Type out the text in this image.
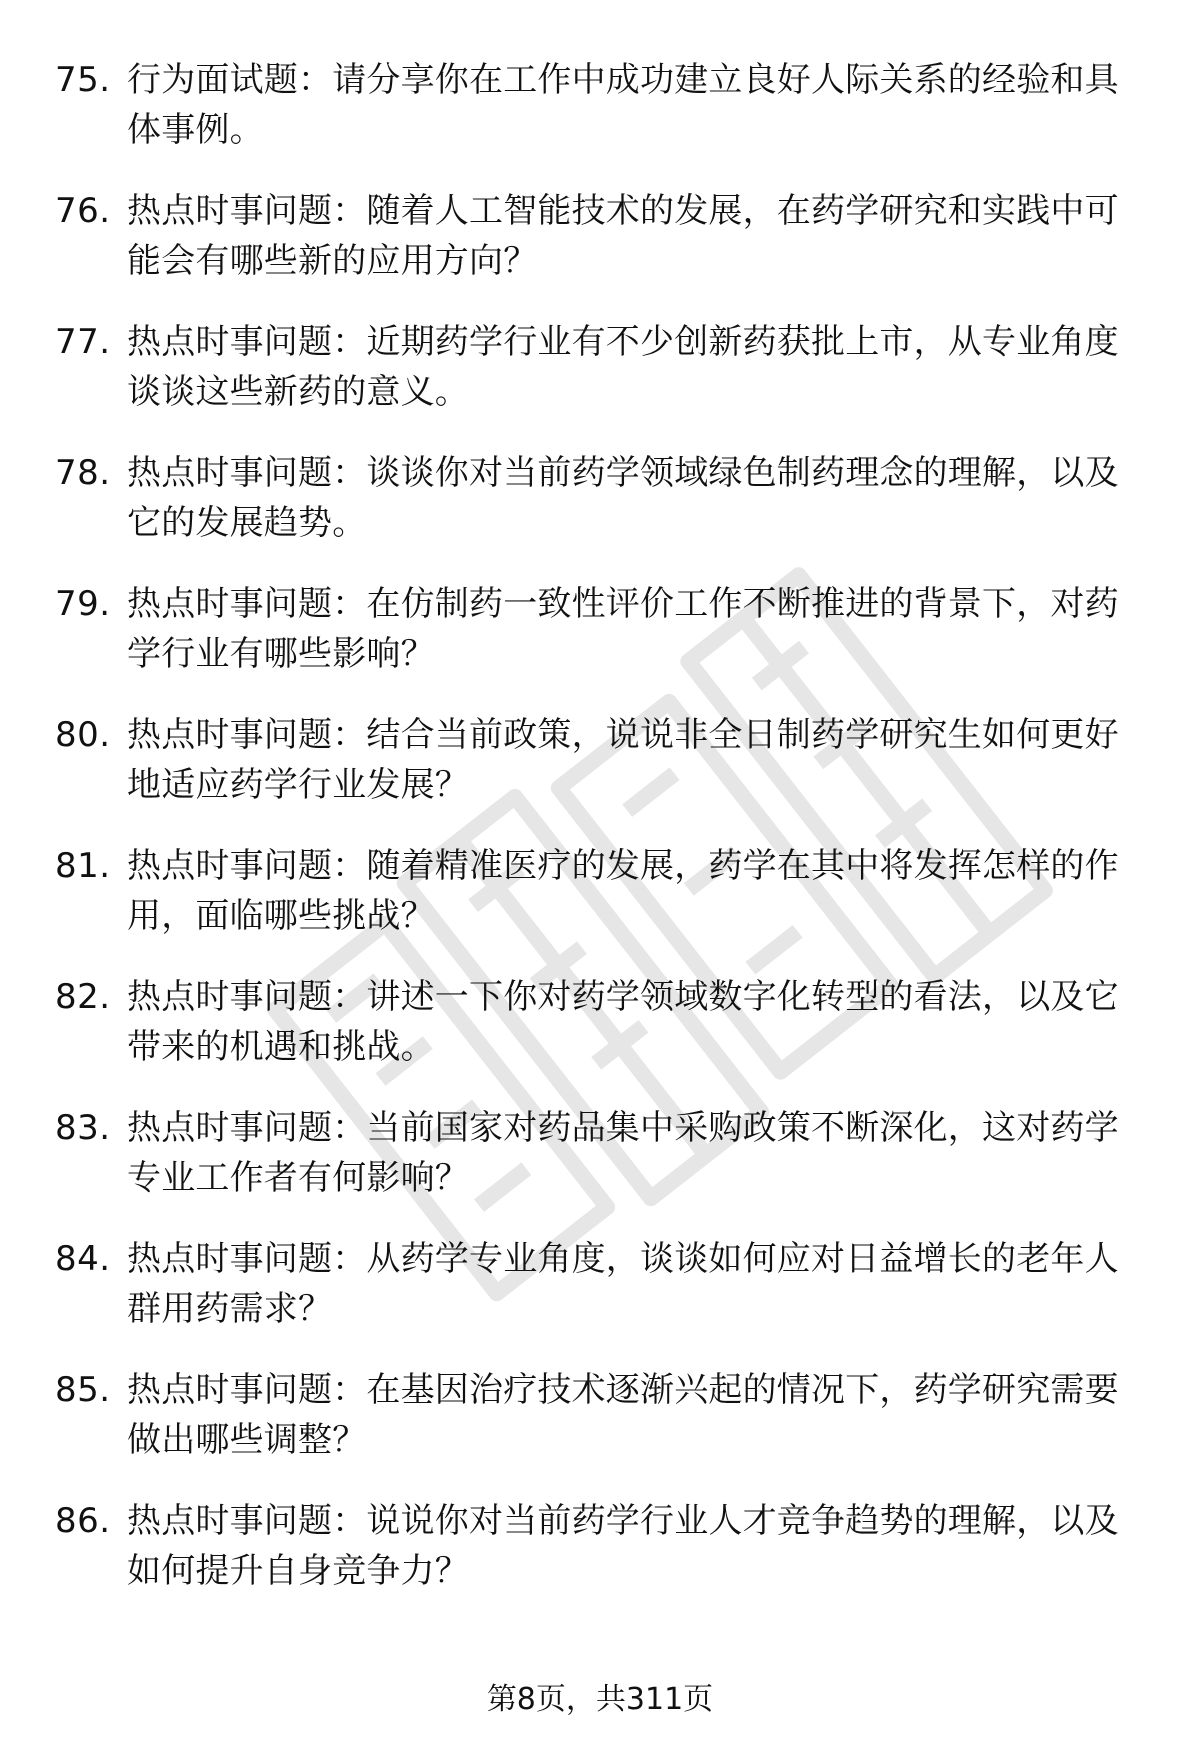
75. 行为面试题：请分享你在工作中成功建立良好人际关系的经验和具体事例。
76. 热点时事问题：随着人工智能技术的发展，在药学研究和实践中可能会有哪些新的应用方向？
77. 热点时事问题：近期药学行业有不少创新药获批上市，从专业角度谈谈这些新药的意义。
78. 热点时事问题：谈谈你对当前药学领域绿色制药理念的理解，以及它的发展趋势。
79. 热点时事问题：在仿制药一致性评价工作不断推进的背景下，对药学行业有哪些影响？
80. 热点时事问题：结合当前政策，说说非全日制药学研究生如何更好地适应药学行业发展？
81. 热点时事问题：随着精准医疗的发展，药学在其中将发挥怎样的作用，面临哪些挑战？
82. 热点时事问题：讲述一下你对药学领域数字化转型的看法，以及它带来的机遇和挑战。
83. 热点时事问题：当前国家对药品集中采购政策不断深化，这对药学专业工作者有何影响？
84. 热点时事问题：从药学专业角度，谈谈如何应对日益增长的老年人群用药需求？
85. 热点时事问题：在基因治疗技术逐渐兴起的情况下，药学研究需要做出哪些调整？
86. 热点时事问题：说说你对当前药学行业人才竞争趋势的理解，以及如何提升自身竞争力？
第8页，共311页
